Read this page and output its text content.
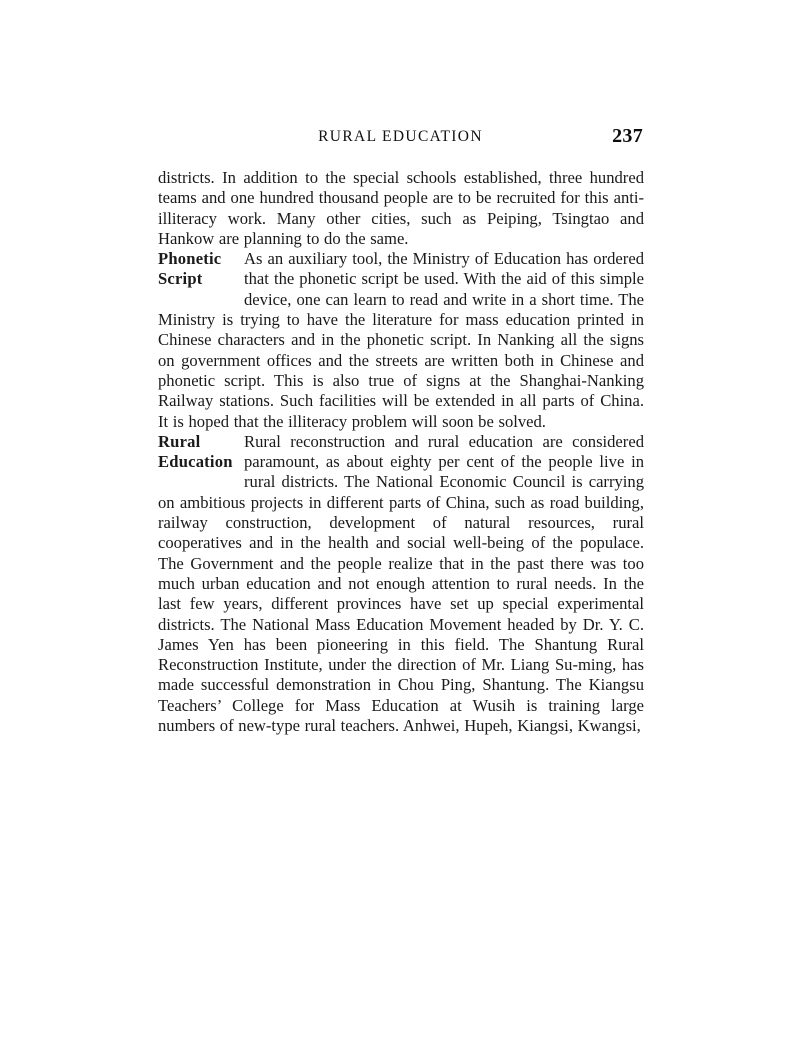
RURAL EDUCATION	237

districts. In addition to the special schools established, three hundred teams and one hundred thousand people are to be recruited for this anti-illiteracy work. Many other cities, such as Peiping, Tsingtao and Hankow are planning to do the same.

Phonetic
Script

As an auxiliary tool, the Ministry of Education has ordered that the phonetic script be used. With the aid of this simple device, one can learn to read and write in a short time. The Ministry is trying to have the literature for mass education printed in Chinese characters and in the phonetic script. In Nanking all the signs on government offices and the streets are written both in Chinese and phonetic script. This is also true of signs at the Shanghai-Nanking Railway stations. Such facilities will be extended in all parts of China. It is hoped that the illiteracy problem will soon be solved.

Rural
Education

Rural reconstruction and rural education are considered paramount, as about eighty per cent of the people live in rural districts. The National Economic Council is carrying on ambitious projects in different parts of China, such as road building, railway construction, development of natural resources, rural cooperatives and in the health and social well-being of the populace. The Government and the people realize that in the past there was too much urban education and not enough attention to rural needs. In the last few years, different provinces have set up special experimental districts. The National Mass Education Movement headed by Dr. Y. C. James Yen has been pioneering in this field. The Shantung Rural Reconstruction Institute, under the direction of Mr. Liang Su-ming, has made successful demonstration in Chou Ping, Shantung. The Kiangsu Teachers’ College for Mass Education at Wusih is training large numbers of new-type rural teachers. Anhwei, Hupeh, Kiangsi, Kwangsi,
